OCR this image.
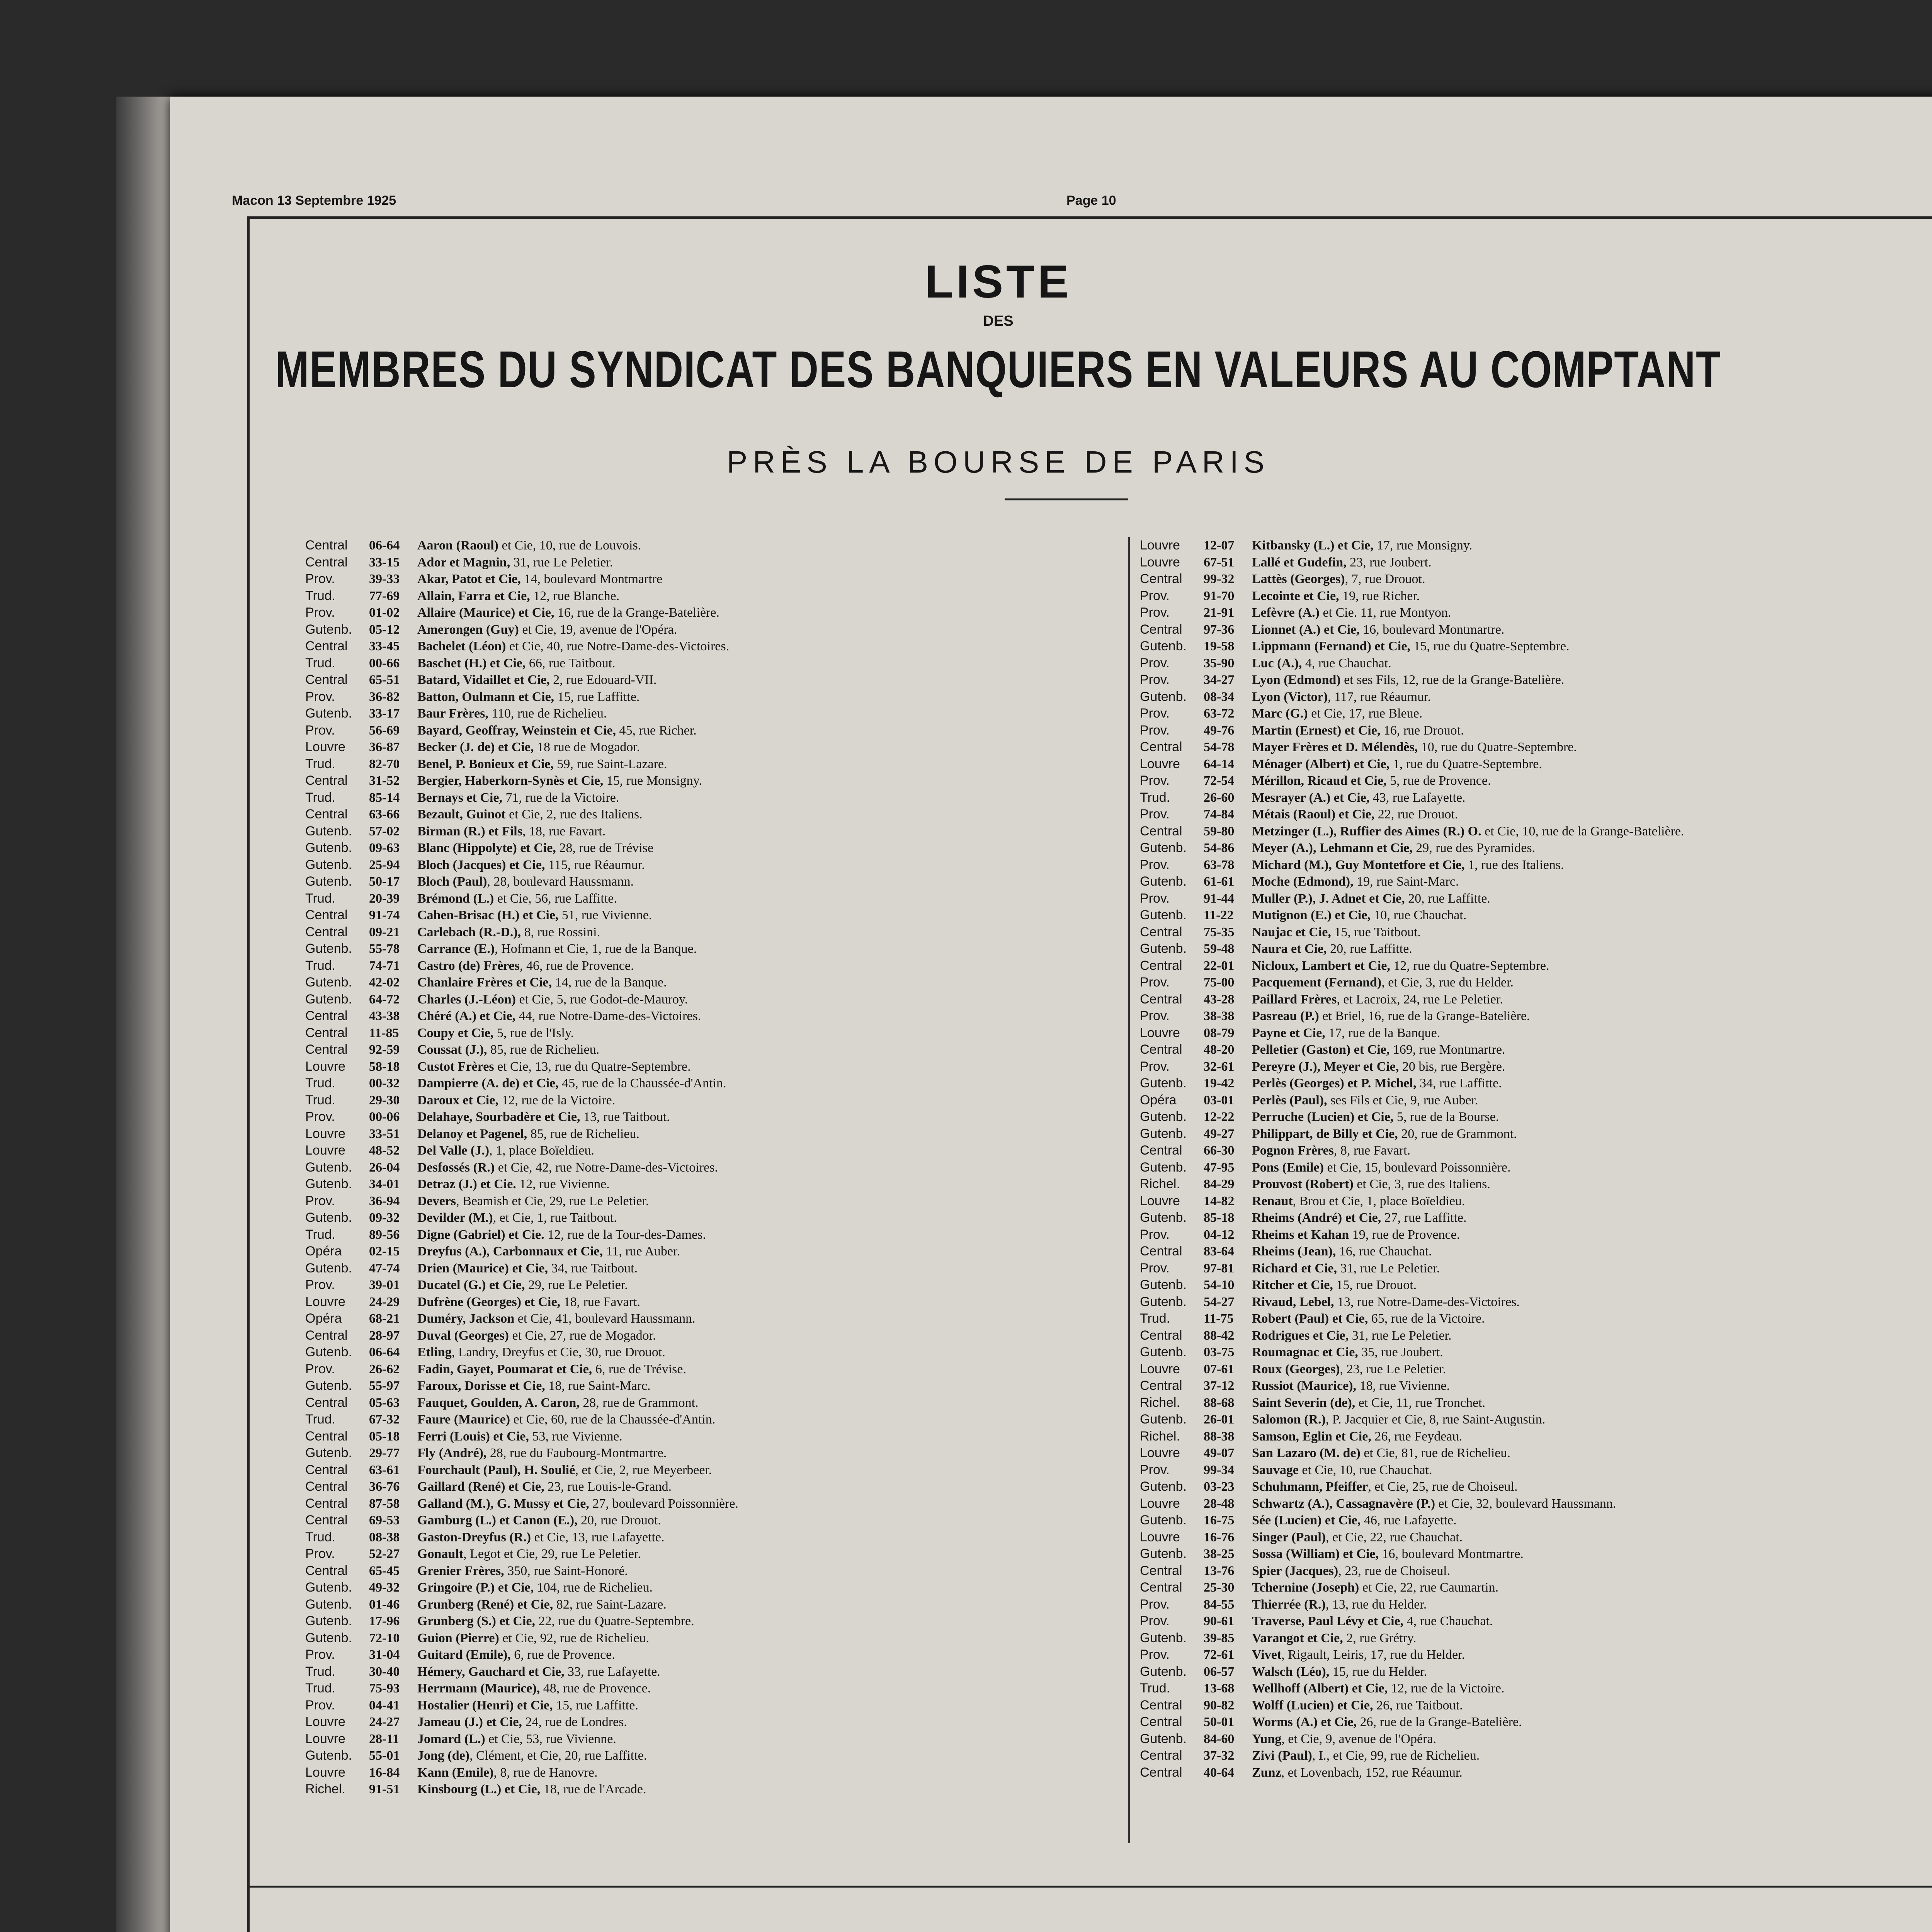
Macon 13 Septembre 1925	Page 10
LISTE
DES
MEMBRES DU SYNDICAT DES BANQUIERS EN VALEURS AU COMPTANT
PRÈS LA BOURSE DE PARIS
Central	06-64	Aaron (Raoul) et Cie, 10, rue de Louvois.
Central	33-15	Ador et Magnin, 31, rue Le Peletier.
Prov.	39-33	Akar, Patot et Cie, 14, boulevard Montmartre
Trud.	77-69	Allain, Farra et Cie, 12, rue Blanche.
Prov.	01-02	Allaire (Maurice) et Cie, 16, rue de la Grange-Batelière.
Gutenb.	05-12	Amerongen (Guy) et Cie, 19, avenue de l'Opéra.
Central	33-45	Bachelet (Léon) et Cie, 40, rue Notre-Dame-des-Victoires.
Trud.	00-66	Baschet (H.) et Cie, 66, rue Taitbout.
Central	65-51	Batard, Vidaillet et Cie, 2, rue Edouard-VII.
Prov.	36-82	Batton, Oulmann et Cie, 15, rue Laffitte.
Gutenb.	33-17	Baur Frères, 110, rue de Richelieu.
Prov.	56-69	Bayard, Geoffray, Weinstein et Cie, 45, rue Richer.
Louvre	36-87	Becker (J. de) et Cie, 18 rue de Mogador.
Trud.	82-70	Benel, P. Bonieux et Cie, 59, rue Saint-Lazare.
Central	31-52	Bergier, Haberkorn-Synès et Cie, 15, rue Monsigny.
Trud.	85-14	Bernays et Cie, 71, rue de la Victoire.
Central	63-66	Bezault, Guinot et Cie, 2, rue des Italiens.
Gutenb.	57-02	Birman (R.) et Fils, 18, rue Favart.
Gutenb.	09-63	Blanc (Hippolyte) et Cie, 28, rue de Trévise
Gutenb.	25-94	Bloch (Jacques) et Cie, 115, rue Réaumur.
Gutenb.	50-17	Bloch (Paul), 28, boulevard Haussmann.
Trud.	20-39	Brémond (L.) et Cie, 56, rue Laffitte.
Central	91-74	Cahen-Brisac (H.) et Cie, 51, rue Vivienne.
Central	09-21	Carlebach (R.-D.), 8, rue Rossini.
Gutenb.	55-78	Carrance (E.), Hofmann et Cie, 1, rue de la Banque.
Trud.	74-71	Castro (de) Frères, 46, rue de Provence.
Gutenb.	42-02	Chanlaire Frères et Cie, 14, rue de la Banque.
Gutenb.	64-72	Charles (J.-Léon) et Cie, 5, rue Godot-de-Mauroy.
Central	43-38	Chéré (A.) et Cie, 44, rue Notre-Dame-des-Victoires.
Central	11-85	Coupy et Cie, 5, rue de l'Isly.
Central	92-59	Coussat (J.), 85, rue de Richelieu.
Louvre	58-18	Custot Frères et Cie, 13, rue du Quatre-Septembre.
Trud.	00-32	Dampierre (A. de) et Cie, 45, rue de la Chaussée-d'Antin.
Trud.	29-30	Daroux et Cie, 12, rue de la Victoire.
Prov.	00-06	Delahaye, Sourbadère et Cie, 13, rue Taitbout.
Louvre	33-51	Delanoy et Pagenel, 85, rue de Richelieu.
Louvre	48-52	Del Valle (J.), 1, place Boïeldieu.
Gutenb.	26-04	Desfossés (R.) et Cie, 42, rue Notre-Dame-des-Victoires.
Gutenb.	34-01	Detraz (J.) et Cie. 12, rue Vivienne.
Prov.	36-94	Devers, Beamish et Cie, 29, rue Le Peletier.
Gutenb.	09-32	Devilder (M.), et Cie, 1, rue Taitbout.
Trud.	89-56	Digne (Gabriel) et Cie. 12, rue de la Tour-des-Dames.
Opéra	02-15	Dreyfus (A.), Carbonnaux et Cie, 11, rue Auber.
Gutenb.	47-74	Drien (Maurice) et Cie, 34, rue Taitbout.
Prov.	39-01	Ducatel (G.) et Cie, 29, rue Le Peletier.
Louvre	24-29	Dufrène (Georges) et Cie, 18, rue Favart.
Opéra	68-21	Duméry, Jackson et Cie, 41, boulevard Haussmann.
Central	28-97	Duval (Georges) et Cie, 27, rue de Mogador.
Gutenb.	06-64	Etling, Landry, Dreyfus et Cie, 30, rue Drouot.
Prov.	26-62	Fadin, Gayet, Poumarat et Cie, 6, rue de Trévise.
Gutenb.	55-97	Faroux, Dorisse et Cie, 18, rue Saint-Marc.
Central	05-63	Fauquet, Goulden, A. Caron, 28, rue de Grammont.
Trud.	67-32	Faure (Maurice) et Cie, 60, rue de la Chaussée-d'Antin.
Central	05-18	Ferri (Louis) et Cie, 53, rue Vivienne.
Gutenb.	29-77	Fly (André), 28, rue du Faubourg-Montmartre.
Central	63-61	Fourchault (Paul), H. Soulié, et Cie, 2, rue Meyerbeer.
Central	36-76	Gaillard (René) et Cie, 23, rue Louis-le-Grand.
Central	87-58	Galland (M.), G. Mussy et Cie, 27, boulevard Poissonnière.
Central	69-53	Gamburg (L.) et Canon (E.), 20, rue Drouot.
Trud.	08-38	Gaston-Dreyfus (R.) et Cie, 13, rue Lafayette.
Prov.	52-27	Gonault, Legot et Cie, 29, rue Le Peletier.
Central	65-45	Grenier Frères, 350, rue Saint-Honoré.
Gutenb.	49-32	Gringoire (P.) et Cie, 104, rue de Richelieu.
Gutenb.	01-46	Grunberg (René) et Cie, 82, rue Saint-Lazare.
Gutenb.	17-96	Grunberg (S.) et Cie, 22, rue du Quatre-Septembre.
Gutenb.	72-10	Guion (Pierre) et Cie, 92, rue de Richelieu.
Prov.	31-04	Guitard (Emile), 6, rue de Provence.
Trud.	30-40	Hémery, Gauchard et Cie, 33, rue Lafayette.
Trud.	75-93	Herrmann (Maurice), 48, rue de Provence.
Prov.	04-41	Hostalier (Henri) et Cie, 15, rue Laffitte.
Louvre	24-27	Jameau (J.) et Cie, 24, rue de Londres.
Louvre	28-11	Jomard (L.) et Cie, 53, rue Vivienne.
Gutenb.	55-01	Jong (de), Clément, et Cie, 20, rue Laffitte.
Louvre	16-84	Kann (Emile), 8, rue de Hanovre.
Richel.	91-51	Kinsbourg (L.) et Cie, 18, rue de l'Arcade.
Louvre	12-07	Kitbansky (L.) et Cie, 17, rue Monsigny.
Louvre	67-51	Lallé et Gudefin, 23, rue Joubert.
Central	99-32	Lattès (Georges), 7, rue Drouot.
Prov.	91-70	Lecointe et Cie, 19, rue Richer.
Prov.	21-91	Lefèvre (A.) et Cie. 11, rue Montyon.
Central	97-36	Lionnet (A.) et Cie, 16, boulevard Montmartre.
Gutenb.	19-58	Lippmann (Fernand) et Cie, 15, rue du Quatre-Septembre.
Prov.	35-90	Luc (A.), 4, rue Chauchat.
Prov.	34-27	Lyon (Edmond) et ses Fils, 12, rue de la Grange-Batelière.
Gutenb.	08-34	Lyon (Victor), 117, rue Réaumur.
Prov.	63-72	Marc (G.) et Cie, 17, rue Bleue.
Prov.	49-76	Martin (Ernest) et Cie, 16, rue Drouot.
Central	54-78	Mayer Frères et D. Mélendès, 10, rue du Quatre-Septembre.
Louvre	64-14	Ménager (Albert) et Cie, 1, rue du Quatre-Septembre.
Prov.	72-54	Mérillon, Ricaud et Cie, 5, rue de Provence.
Trud.	26-60	Mesrayer (A.) et Cie, 43, rue Lafayette.
Prov.	74-84	Métais (Raoul) et Cie, 22, rue Drouot.
Central	59-80	Metzinger (L.), Ruffier des Aimes (R.) O. et Cie, 10, rue de la Grange-Batelière.
Gutenb.	54-86	Meyer (A.), Lehmann et Cie, 29, rue des Pyramides.
Prov.	63-78	Michard (M.), Guy Montetfore et Cie, 1, rue des Italiens.
Gutenb.	61-61	Moche (Edmond), 19, rue Saint-Marc.
Prov.	91-44	Muller (P.), J. Adnet et Cie, 20, rue Laffitte.
Gutenb.	11-22	Mutignon (E.) et Cie, 10, rue Chauchat.
Central	75-35	Naujac et Cie, 15, rue Taitbout.
Gutenb.	59-48	Naura et Cie, 20, rue Laffitte.
Central	22-01	Nicloux, Lambert et Cie, 12, rue du Quatre-Septembre.
Prov.	75-00	Pacquement (Fernand), et Cie, 3, rue du Helder.
Central	43-28	Paillard Frères, et Lacroix, 24, rue Le Peletier.
Prov.	38-38	Pasreau (P.) et Briel, 16, rue de la Grange-Batelière.
Louvre	08-79	Payne et Cie, 17, rue de la Banque.
Central	48-20	Pelletier (Gaston) et Cie, 169, rue Montmartre.
Prov.	32-61	Pereyre (J.), Meyer et Cie, 20 bis, rue Bergère.
Gutenb.	19-42	Perlès (Georges) et P. Michel, 34, rue Laffitte.
Opéra	03-01	Perlès (Paul), ses Fils et Cie, 9, rue Auber.
Gutenb.	12-22	Perruche (Lucien) et Cie, 5, rue de la Bourse.
Gutenb.	49-27	Philippart, de Billy et Cie, 20, rue de Grammont.
Central	66-30	Pognon Frères, 8, rue Favart.
Gutenb.	47-95	Pons (Emile) et Cie, 15, boulevard Poissonnière.
Richel.	84-29	Prouvost (Robert) et Cie, 3, rue des Italiens.
Louvre	14-82	Renaut, Brou et Cie, 1, place Boïeldieu.
Gutenb.	85-18	Rheims (André) et Cie, 27, rue Laffitte.
Prov.	04-12	Rheims et Kahan 19, rue de Provence.
Central	83-64	Rheims (Jean), 16, rue Chauchat.
Prov.	97-81	Richard et Cie, 31, rue Le Peletier.
Gutenb.	54-10	Ritcher et Cie, 15, rue Drouot.
Gutenb.	54-27	Rivaud, Lebel, 13, rue Notre-Dame-des-Victoires.
Trud.	11-75	Robert (Paul) et Cie, 65, rue de la Victoire.
Central	88-42	Rodrigues et Cie, 31, rue Le Peletier.
Gutenb.	03-75	Roumagnac et Cie, 35, rue Joubert.
Louvre	07-61	Roux (Georges), 23, rue Le Peletier.
Central	37-12	Russiot (Maurice), 18, rue Vivienne.
Richel.	88-68	Saint Severin (de), et Cie, 11, rue Tronchet.
Gutenb.	26-01	Salomon (R.), P. Jacquier et Cie, 8, rue Saint-Augustin.
Richel.	88-38	Samson, Eglin et Cie, 26, rue Feydeau.
Louvre	49-07	San Lazaro (M. de) et Cie, 81, rue de Richelieu.
Prov.	99-34	Sauvage et Cie, 10, rue Chauchat.
Gutenb.	03-23	Schuhmann, Pfeiffer, et Cie, 25, rue de Choiseul.
Louvre	28-48	Schwartz (A.), Cassagnavère (P.) et Cie, 32, boulevard Haussmann.
Gutenb.	16-75	Sée (Lucien) et Cie, 46, rue Lafayette.
Louvre	16-76	Singer (Paul), et Cie, 22, rue Chauchat.
Gutenb.	38-25	Sossa (William) et Cie, 16, boulevard Montmartre.
Central	13-76	Spier (Jacques), 23, rue de Choiseul.
Central	25-30	Tchernine (Joseph) et Cie, 22, rue Caumartin.
Prov.	84-55	Thierrée (R.), 13, rue du Helder.
Prov.	90-61	Traverse, Paul Lévy et Cie, 4, rue Chauchat.
Gutenb.	39-85	Varangot et Cie, 2, rue Grétry.
Prov.	72-61	Vivet, Rigault, Leiris, 17, rue du Helder.
Gutenb.	06-57	Walsch (Léo), 15, rue du Helder.
Trud.	13-68	Wellhoff (Albert) et Cie, 12, rue de la Victoire.
Central	90-82	Wolff (Lucien) et Cie, 26, rue Taitbout.
Central	50-01	Worms (A.) et Cie, 26, rue de la Grange-Batelière.
Gutenb.	84-60	Yung, et Cie, 9, avenue de l'Opéra.
Central	37-32	Zivi (Paul), I., et Cie, 99, rue de Richelieu.
Central	40-64	Zunz, et Lovenbach, 152, rue Réaumur.
